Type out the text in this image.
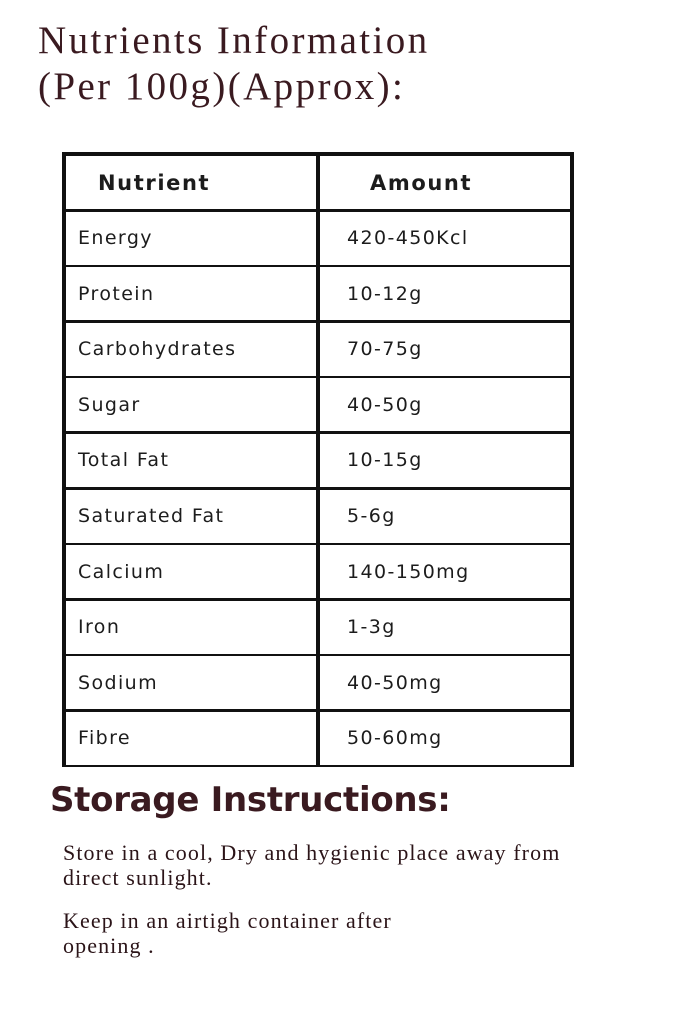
Nutrients Information
(Per 100g)(Approx):
Nutrient	Amount
Energy	420-450Kcl
Protein	10-12g
Carbohydrates	70-75g
Sugar	40-50g
Total Fat	10-15g
Saturated Fat	5-6g
Calcium	140-150mg
Iron	1-3g
Sodium	40-50mg
Fibre	50-60mg
Storage Instructions:

Store in a cool, Dry and hygienic place away from
direct sunlight.

Keep in an airtigh container after
opening .
